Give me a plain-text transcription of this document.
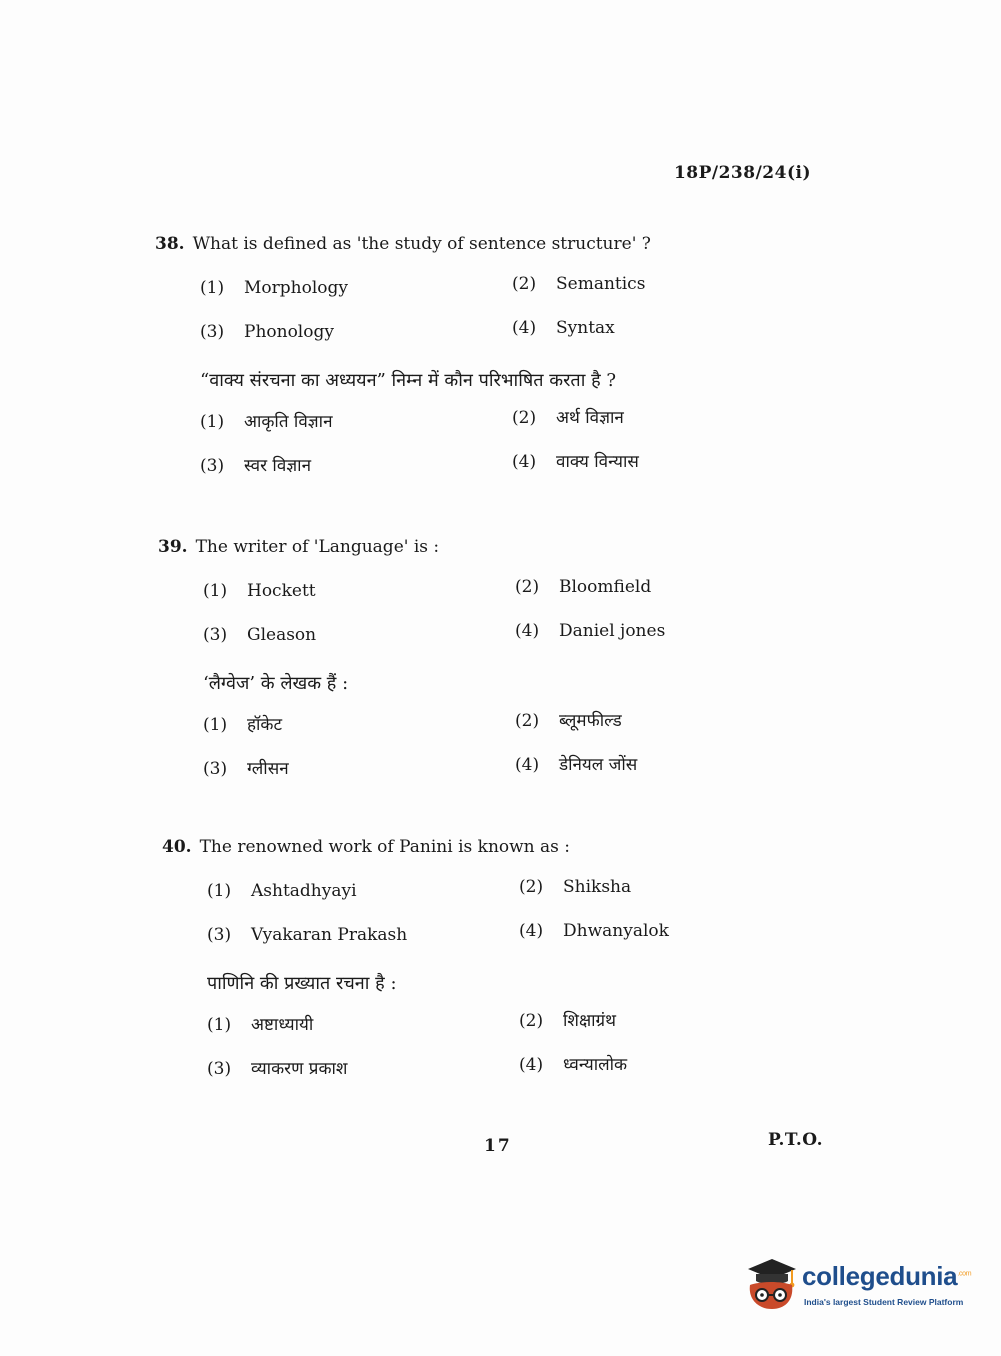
18P/238/24(i)
38. What is defined as 'the study of sentence structure' ?
(1) Morphology	(2) Semantics
(3) Phonology	(4) Syntax
“वाक्य संरचना का अध्ययन” निम्न में कौन परिभाषित करता है ?
(1) आकृति विज्ञान	(2) अर्थ विज्ञान
(3) स्वर विज्ञान	(4) वाक्य विन्यास
39. The writer of 'Language' is :
(1) Hockett	(2) Bloomfield
(3) Gleason	(4) Daniel jones
‘लैग्वेज’ के लेखक हैं :
(1) हॉकेट	(2) ब्लूमफील्ड
(3) ग्लीसन	(4) डेनियल जोंस
40. The renowned work of Panini is known as :
(1) Ashtadhyayi	(2) Shiksha
(3) Vyakaran Prakash	(4) Dhwanyalok
पाणिनि की प्रख्यात रचना है :
(1) अष्टाध्यायी	(2) शिक्षाग्रंथ
(3) व्याकरण प्रकाश	(4) ध्वन्यालोक
17	P.T.O.
collegedunia$^{.com}$
India's largest Student Review Platform
